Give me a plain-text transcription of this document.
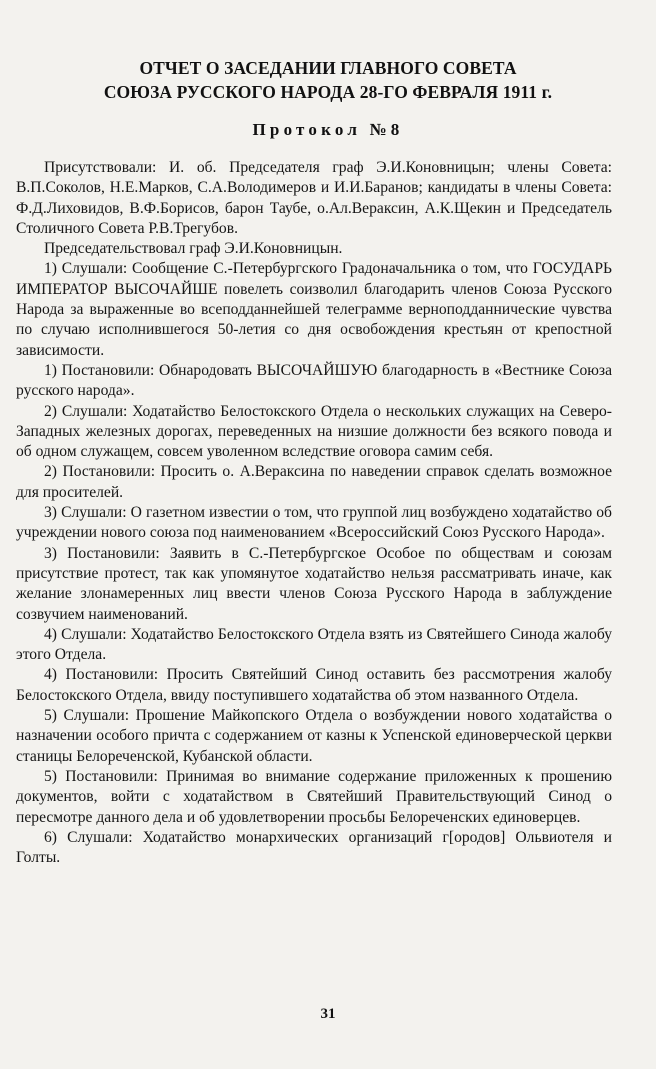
ОТЧЕТ О ЗАСЕДАНИИ ГЛАВНОГО СОВЕТА
СОЮЗА РУССКОГО НАРОДА 28-ГО ФЕВРАЛЯ 1911 г.
Протокол №8

Присутствовали: И. об. Председателя граф Э.И.Коновницын; члены Совета: В.П.Соколов, Н.Е.Марков, С.А.Володимеров и И.И.Баранов; кандидаты в члены Совета: Ф.Д.Лиховидов, В.Ф.Борисов, барон Таубе, о.Ал.Вераксин, А.К.Щекин и Председатель Столичного Совета Р.В.Трегубов.

Председательствовал граф Э.И.Коновницын.

1) Слушали: Сообщение С.-Петербургского Градоначальника о том, что ГОСУДАРЬ ИМПЕРАТОР ВЫСОЧАЙШЕ повелеть соизволил благодарить членов Союза Русского Народа за выраженные во всеподданнейшей телеграмме верноподданнические чувства по случаю исполнившегося 50-летия со дня освобождения крестьян от крепостной зависимости.

1) Постановили: Обнародовать ВЫСОЧАЙШУЮ благодарность в «Вестнике Союза русского народа».

2) Слушали: Ходатайство Белостокского Отдела о нескольких служащих на Северо-Западных железных дорогах, переведенных на низшие должности без всякого повода и об одном служащем, совсем уволенном вследствие оговора самим себя.

2) Постановили: Просить о. А.Вераксина по наведении справок сделать возможное для просителей.

3) Слушали: О газетном известии о том, что группой лиц возбуждено ходатайство об учреждении нового союза под наименованием «Всероссийский Союз Русского Народа».

3) Постановили: Заявить в С.-Петербургское Особое по обществам и союзам присутствие протест, так как упомянутое ходатайство нельзя рассматривать иначе, как желание злонамеренных лиц ввести членов Союза Русского Народа в заблуждение созвучием наименований.

4) Слушали: Ходатайство Белостокского Отдела взять из Святейшего Синода жалобу этого Отдела.

4) Постановили: Просить Святейший Синод оставить без рассмотрения жалобу Белостокского Отдела, ввиду поступившего ходатайства об этом названного Отдела.

5) Слушали: Прошение Майкопского Отдела о возбуждении нового ходатайства о назначении особого причта с содержанием от казны к Успенской единоверческой церкви станицы Белореченской, Кубанской области.

5) Постановили: Принимая во внимание содержание приложенных к прошению документов, войти с ходатайством в Святейший Правительствующий Синод о пересмотре данного дела и об удовлетворении просьбы Белореченских единоверцев.

6) Слушали: Ходатайство монархических организаций г[ородов] Ольвиотеля и Голты.

31
